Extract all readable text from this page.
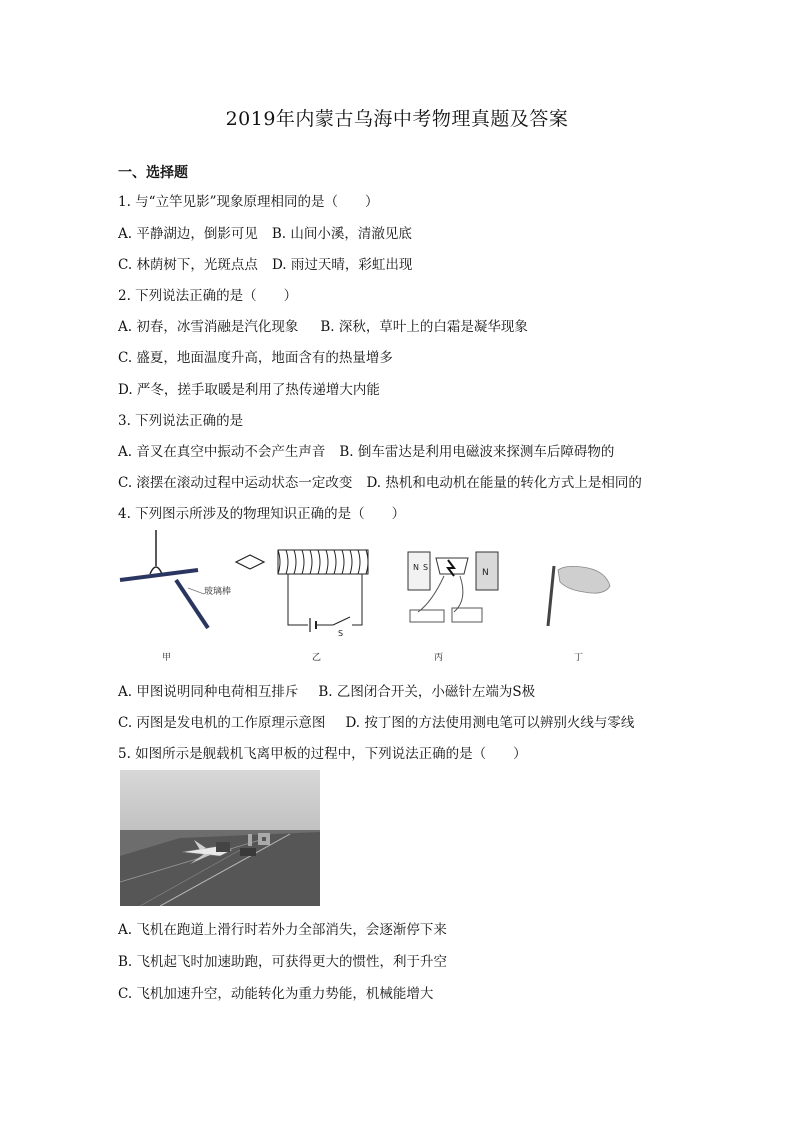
2019年内蒙古乌海中考物理真题及答案
一、选择题
1. 与“立竿见影”现象原理相同的是（　　）
A. 平静湖边，倒影可见 B. 山间小溪，清澈见底
C. 林荫树下，光斑点点 D. 雨过天晴，彩虹出现
2. 下列说法正确的是（　　）
A. 初春，冰雪消融是汽化现象 B. 深秋，草叶上的白霜是凝华现象
C. 盛夏，地面温度升高，地面含有的热量增多
D. 严冬，搓手取暖是利用了热传递增大内能
3. 下列说法正确的是
A. 音叉在真空中振动不会产生声音 B. 倒车雷达是利用电磁波来探测车后障碍物的
C. 滚摆在滚动过程中运动状态一定改变 D. 热机和电动机在能量的转化方式上是相同的
4. 下列图示所涉及的物理知识正确的是（　　）
玻璃棒
甲
S
乙
N S
N
丙	丁
A. 甲图说明同种电荷相互排斥 B. 乙图闭合开关，小磁针左端为S极
C. 丙图是发电机的工作原理示意图 D. 按丁图的方法使用测电笔可以辨别火线与零线
5. 如图所示是舰载机飞离甲板的过程中，下列说法正确的是（　　）
A. 飞机在跑道上滑行时若外力全部消失，会逐渐停下来
B. 飞机起飞时加速助跑，可获得更大的惯性，利于升空
C. 飞机加速升空，动能转化为重力势能，机械能增大
